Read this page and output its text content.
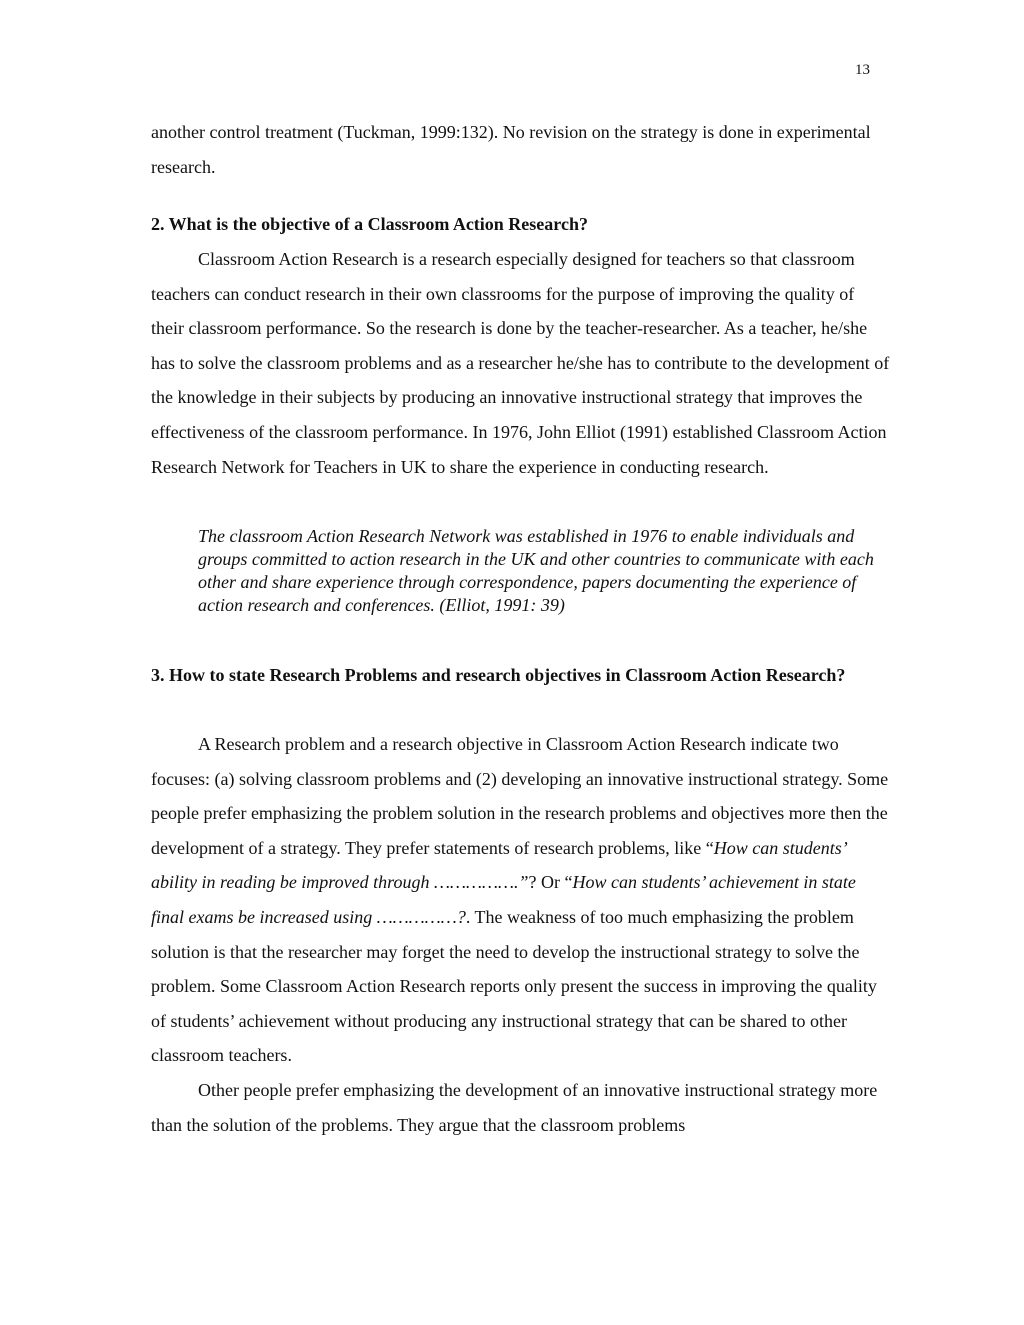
13

another control treatment (Tuckman, 1999:132). No revision on the strategy is done in experimental research.

2. What is the objective of a Classroom Action Research?

Classroom Action Research is a research especially designed for teachers so that classroom teachers can conduct research in their own classrooms for the purpose of improving the quality of their classroom performance. So the research is done by the teacher-researcher. As a teacher, he/she has to solve the classroom problems and as a researcher he/she has to contribute to the development of the knowledge in their subjects by producing an innovative instructional strategy that improves the effectiveness of the classroom performance. In 1976, John Elliot (1991) established Classroom Action Research Network for Teachers in UK to share the experience in conducting research.

The classroom Action Research Network was established in 1976 to enable individuals and groups committed to action research in the UK and other countries to communicate with each other and share experience through correspondence, papers documenting the experience of action research and conferences. (Elliot, 1991: 39)

3. How to state Research Problems and research objectives in Classroom Action Research?

A Research problem and a research objective in Classroom Action Research indicate two focuses: (a) solving classroom problems and (2) developing an innovative instructional strategy. Some people prefer emphasizing the problem solution in the research problems and objectives more then the development of a strategy. They prefer statements of research problems, like “How can students’ ability in reading be improved through …………….”? Or “How can students’ achievement in state final exams be increased using ……………?. The weakness of too much emphasizing the problem solution is that the researcher may forget the need to develop the instructional strategy to solve the problem. Some Classroom Action Research reports only present the success in improving the quality of students’ achievement without producing any instructional strategy that can be shared to other classroom teachers.

Other people prefer emphasizing the development of an innovative instructional strategy more than the solution of the problems. They argue that the classroom problems
